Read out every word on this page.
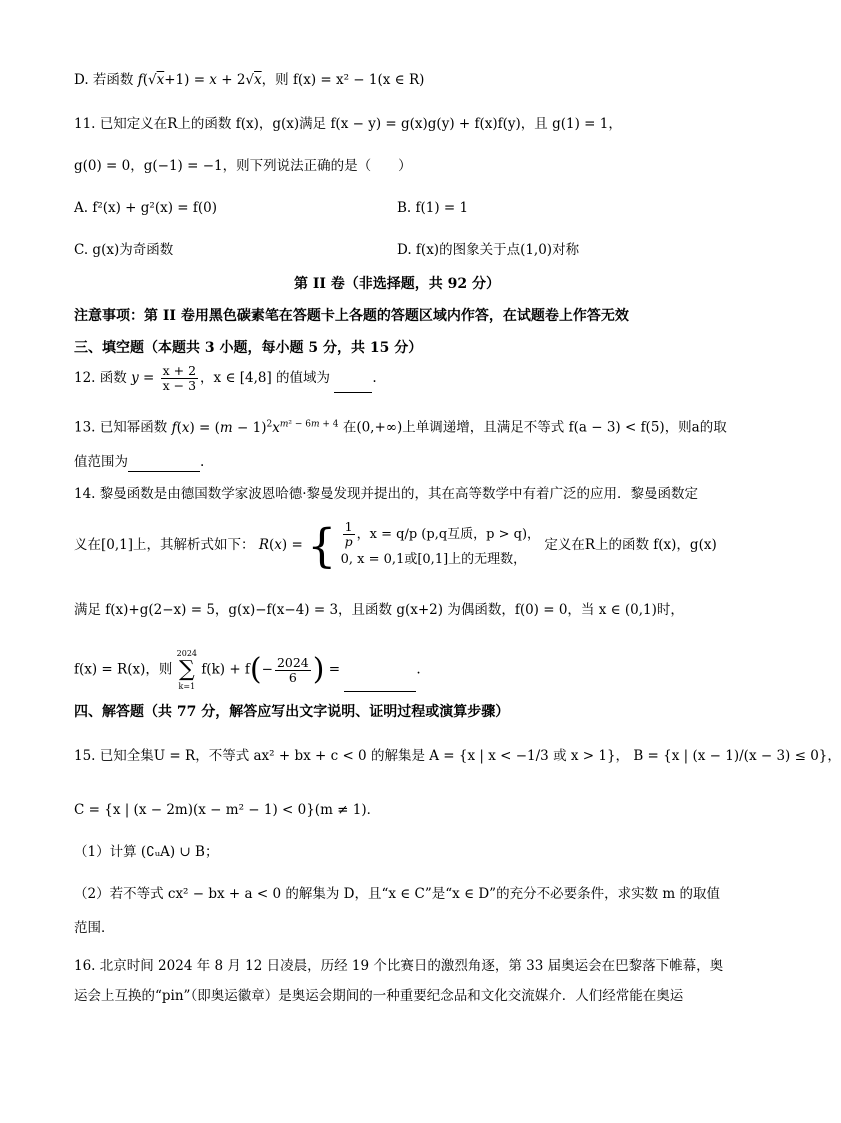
D. 若函数 f(√x+1) = x + 2√x，则 f(x) = x² − 1(x ∈ R)
11. 已知定义在R上的函数 f(x)，g(x)满足 f(x − y) = g(x)g(y) + f(x)f(y)，且 g(1) = 1，
g(0) = 0，g(−1) = −1，则下列说法正确的是（　　）
A. f²(x) + g²(x) = f(0)	B. f(1) = 1
C. g(x)为奇函数	D. f(x)的图象关于点(1,0)对称
第 II 卷（非选择题，共 92 分）
注意事项：第 II 卷用黑色碳素笔在答题卡上各题的答题区域内作答，在试题卷上作答无效
三、填空题（本题共 3 小题，每小题 5 分，共 15 分）
12. 函数 $y = \frac{x + 2}{x - 3}$ ，x ∈ [4,8] 的值域为	.
13. 已知幂函数 $f(x) = (m - 1)^2x^{m^2 - 6m + 4}$ 在(0,+∞)上单调递增，且满足不等式 f(a − 3) < f(5)，则a的取
值范围为	.
14. 黎曼函数是由德国数学家波恩哈德·黎曼发现并提出的，其在高等数学中有着广泛的应用．黎曼函数定
义在[0,1]上，其解析式如下： R(x) = { $\frac{1}{p}$ ，x = q/p (p,q互质，p > q)，
0, x = 0,1或[0,1]上的无理数，
定义在R上的函数 f(x)，g(x)
满足 f(x)+g(2−x) = 5，g(x)−f(x−4) = 3，且函数 g(x+2) 为偶函数，f(0) = 0，当 x ∈ (0,1)时，
f(x) = R(x)，则
2024
∑
k=1
$f(k) + f(- \frac{2024}{6}$ ) =	.
四、解答题（共 77 分，解答应写出文字说明、证明过程或演算步骤）
15. 已知全集U = R，不等式 ax² + bx + c < 0 的解集是 A = {x | x < −1/3 或 x > 1}， B = {x | (x − 1)/(x − 3) ≤ 0}，
C = {x | (x − 2m)(x − m² − 1) < 0}(m ≠ 1)．
（1）计算 (∁ᵤA) ∪ B；
（2）若不等式 cx² − bx + a < 0 的解集为 D，且“x ∈ C”是“x ∈ D”的充分不必要条件，求实数 m 的取值
范围．
16. 北京时间 2024 年 8 月 12 日凌晨，历经 19 个比赛日的激烈角逐，第 33 届奥运会在巴黎落下帷幕，奥
运会上互换的“pin”（即奥运徽章）是奥运会期间的一种重要纪念品和文化交流媒介．人们经常能在奥运
